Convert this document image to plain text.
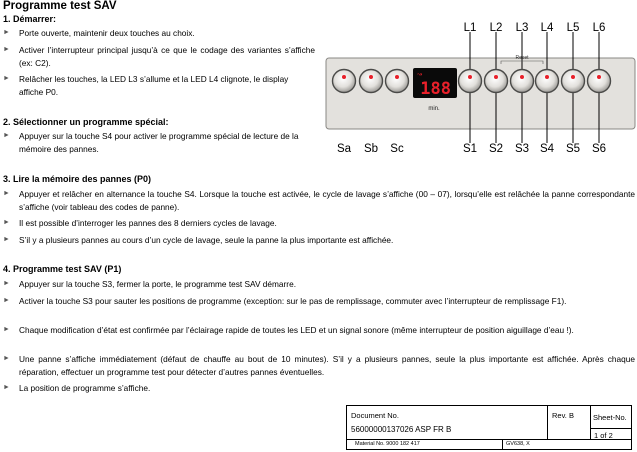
Programme test SAV
1. Démarrer:
►	Porte ouverte, maintenir deux touches au choix.
►	Activer l’interrupteur principal jusqu’à ce que le codage des variantes s’affiche (ex: C2).
►	Relâcher les touches, la LED L3 s’allume et la LED L4 clignote, le display affiche P0.
2. Sélectionner un programme spécial:
►	Appuyer sur la touche S4 pour activer le programme spécial de lecture de la mémoire des pannes.
3. Lire la mémoire des pannes (P0)
►	Appuyer et relâcher en alternance la touche S4. Lorsque la touche est activée, le cycle de lavage s’affiche (00 – 07), lorsqu’elle est relâchée la panne correspondante s’affiche (voir tableau des codes de panne).
►	Il est possible d’interroger les pannes des 8 derniers cycles de lavage.
►	S’il y a plusieurs pannes au cours d’un cycle de lavage, seule la panne la plus importante est affichée.
4. Programme test SAV (P1)
►	Appuyer sur la touche S3, fermer la porte, le programme test SAV démarre.
►	Activer la touche S3 pour sauter les positions de programme (exception: sur le pas de remplissage, commuter avec l’interrupteur de remplissage F1).
►	Chaque modification d’état est confirmée par l’éclairage rapide de toutes les LED et un signal sonore (même interrupteur de position aiguillage d’eau !).
►	Une panne s’affiche immédiatement (défaut de chauffe au bout de 10 minutes). S’il y a plusieurs pannes, seule la plus importante est affichée. Après chaque réparation, effectuer un programme test pour détecter d’autres pannes éventuelles.
►	La position de programme s’affiche.
Reset
↝
188
min.
L1	L2	L3	L4	L5	L6
Sa	Sb	Sc	S1	S2	S3 S4	S5	S6
Document No.
56000000137026 ASP FR B
Rev. B	Sheet-No.
1 of 2
Material No. 9000 182 417	GV638, X
